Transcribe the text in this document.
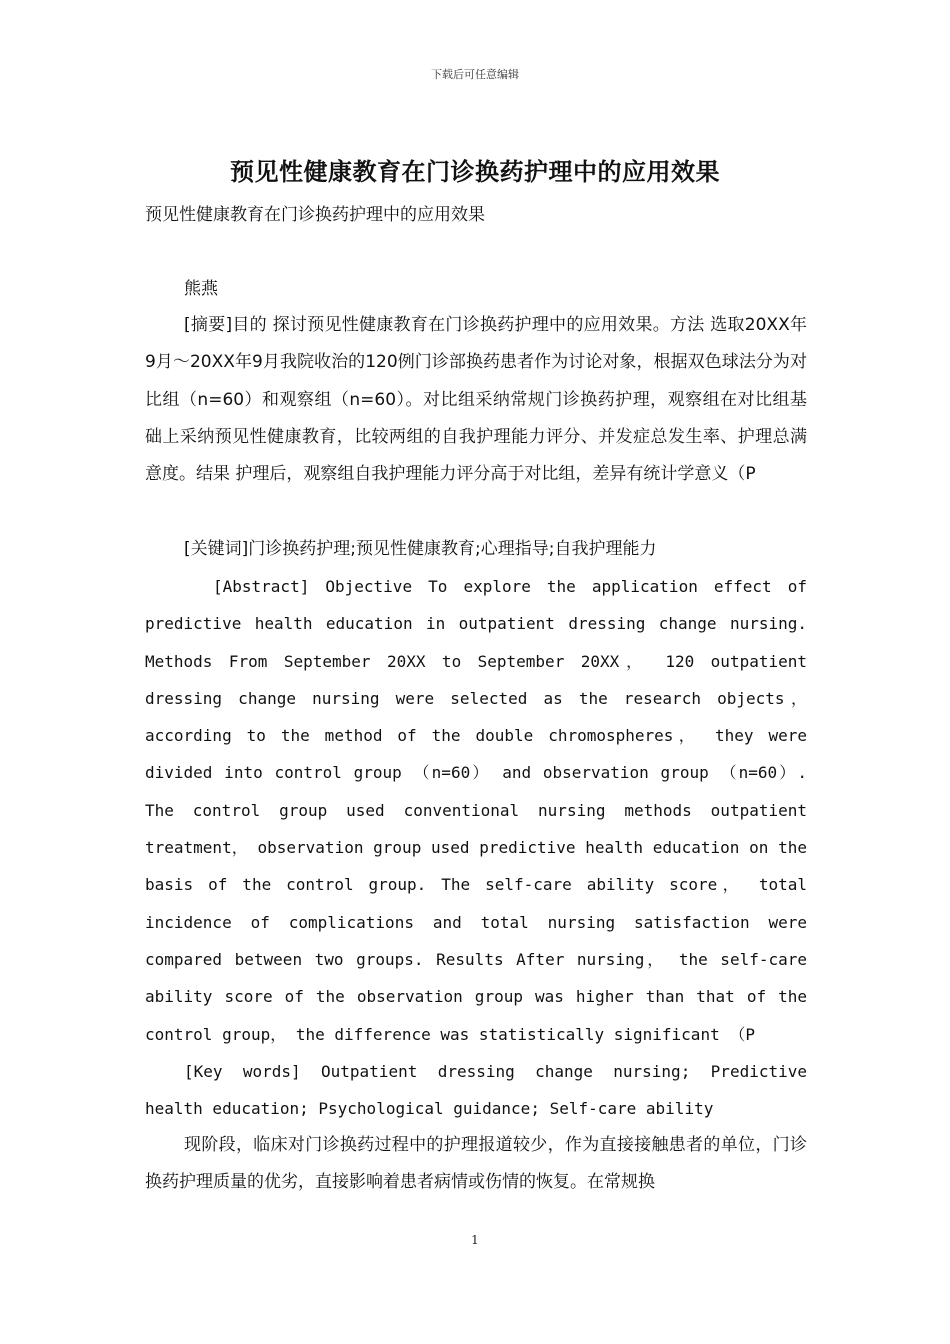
下载后可任意编辑
预见性健康教育在门诊换药护理中的应用效果
预见性健康教育在门诊换药护理中的应用效果
熊燕

[摘要]目的 探讨预见性健康教育在门诊换药护理中的应用效果。方法 选取20XX年9月～20XX年9月我院收治的120例门诊部换药患者作为讨论对象，根据双色球法分为对比组（n=60）和观察组（n=60）。对比组采纳常规门诊换药护理，观察组在对比组基础上采纳预见性健康教育，比较两组的自我护理能力评分、并发症总发生率、护理总满意度。结果 护理后，观察组自我护理能力评分高于对比组，差异有统计学意义（P

[关键词]门诊换药护理;预见性健康教育;心理指导;自我护理能力

[Abstract] Objective To explore the application effect of predictive health education in outpatient dressing change nursing. Methods From September 20XX to September 20XX， 120 outpatient dressing change nursing were selected as the research objects， according to the method of the double chromospheres， they were divided into control group （n=60） and observation group （n=60）. The control group used conventional nursing methods outpatient treatment， observation group used predictive health education on the basis of the control group. The self-care ability score， total incidence of complications and total nursing satisfaction were compared between two groups. Results After nursing， the self-care ability score of the observation group was higher than that of the control group， the difference was statistically significant （P

[Key words] Outpatient dressing change nursing; Predictive health education; Psychological guidance; Self-care ability

现阶段，临床对门诊换药过程中的护理报道较少，作为直接接触患者的单位，门诊换药护理质量的优劣，直接影响着患者病情或伤情的恢复。在常规换

1
